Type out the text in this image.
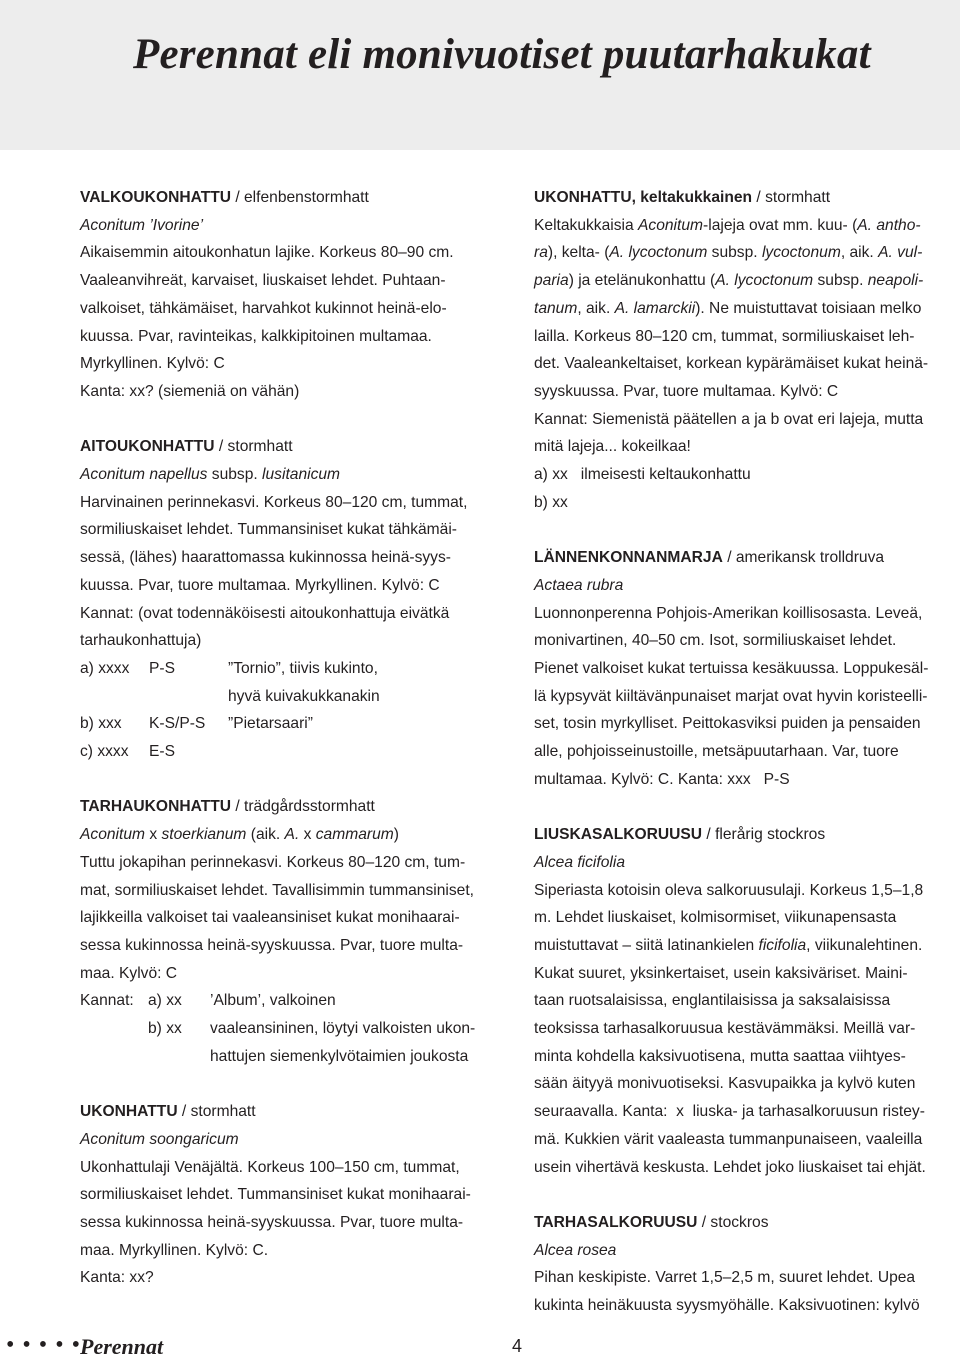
Perennat eli monivuotiset puutarhakukat
VALKOUKONHATTU / elfenbenstormhatt
Aconitum ’Ivorine’
Aikaisemmin aitoukonhatun lajike. Korkeus 80–90 cm.
Vaaleanvihreät, karvaiset, liuskaiset lehdet. Puhtaan-
valkoiset, tähkämäiset, harvahkot kukinnot heinä-elo-
kuussa. Pvar, ravinteikas, kalkkipitoinen multamaa.
Myrkyllinen. Kylvö: C
Kanta: xx? (siemeniä on vähän)
AITOUKONHATTU / stormhatt
Aconitum napellus subsp. lusitanicum
Harvinainen perinnekasvi. Korkeus 80–120 cm, tummat,
sormiliuskaiset lehdet. Tummansiniset kukat tähkämäi-
sessä, (lähes) haarattomassa kukinnossa heinä-syys-
kuussa. Pvar, tuore multamaa. Myrkyllinen. Kylvö: C
Kannat: (ovat todennäköisesti aitoukonhattuja eivätkä
tarhaukonhattuja)
a) xxxx	P-S	”Tornio”, tiivis kukinto,
hyvä kuivakukkanakin
b) xxx	K-S/P-S	”Pietarsaari”
c) xxxx	E-S
TARHAUKONHATTU / trädgårdsstormhatt
Aconitum x stoerkianum (aik. A. x cammarum)
Tuttu jokapihan perinnekasvi. Korkeus 80–120 cm, tum-
mat, sormiliuskaiset lehdet. Tavallisimmin tummansiniset,
lajikkeilla valkoiset tai vaaleansiniset kukat monihaarai-
sessa kukinnossa heinä-syyskuussa. Pvar, tuore multa-
maa. Kylvö: C
Kannat: a) xx	’Album’, valkoinen
b) xx	vaaleansininen, löytyi valkoisten ukon-
hattujen siemenkylvötaimien joukosta
UKONHATTU / stormhatt
Aconitum soongaricum
Ukonhattulaji Venäjältä. Korkeus 100–150 cm, tummat,
sormiliuskaiset lehdet. Tummansiniset kukat monihaarai-
sessa kukinnossa heinä-syyskuussa. Pvar, tuore multa-
maa. Myrkyllinen. Kylvö: C.
Kanta: xx?
UKONHATTU, keltakukkainen / stormhatt
Keltakukkaisia Aconitum-lajeja ovat mm. kuu- (A. antho-
ra), kelta- (A. lycoctonum subsp. lycoctonum, aik. A. vul-
paria) ja etelänukonhattu (A. lycoctonum subsp. neapoli-
tanum, aik. A. lamarckii). Ne muistuttavat toisiaan melko
lailla. Korkeus 80–120 cm, tummat, sormiliuskaiset leh-
det. Vaaleankeltaiset, korkean kypärämäiset kukat heinä-
syyskuussa. Pvar, tuore multamaa. Kylvö: C
Kannat: Siemenistä päätellen a ja b ovat eri lajeja, mutta
mitä lajeja... kokeilkaa!
a) xx   ilmeisesti keltaukonhattu
b) xx
LÄNNENKONNANMARJA / amerikansk trolldruva
Actaea rubra
Luonnonperenna Pohjois-Amerikan koillisosasta. Leveä,
monivartinen, 40–50 cm. Isot, sormiliuskaiset lehdet.
Pienet valkoiset kukat tertuissa kesäkuussa. Loppukesäl-
lä kypsyvät kiiltävänpunaiset marjat ovat hyvin koristeelli-
set, tosin myrkylliset. Peittokasviksi puiden ja pensaiden
alle, pohjoisseinustoille, metsäpuutarhaan. Var, tuore
multamaa. Kylvö: C. Kanta: xxx   P-S
LIUSKASALKORUUSU / flerårig stockros
Alcea ficifolia
Siperiasta kotoisin oleva salkoruusulaji. Korkeus 1,5–1,8
m. Lehdet liuskaiset, kolmisormiset, viikunapensasta
muistuttavat – siitä latinankielen ficifolia, viikunalehtinen.
Kukat suuret, yksinkertaiset, usein kaksiväriset. Maini-
taan ruotsalaisissa, englantilaisissa ja saksalaisissa
teoksissa tarhasalkoruusua kestävämmäksi. Meillä var-
minta kohdella kaksivuotisena, mutta saattaa viihtyes-
sään äityyä monivuotiseksi. Kasvupaikka ja kylvö kuten
seuraavalla. Kanta:  x  liuska- ja tarhasalkoruusun ristey-
mä. Kukkien värit vaaleasta tummanpunaiseen, vaaleilla
usein vihertävä keskusta. Lehdet joko liuskaiset tai ehjät.
TARHASALKORUUSU / stockros
Alcea rosea
Pihan keskipiste. Varret 1,5–2,5 m, suuret lehdet. Upea
kukinta heinäkuusta syysmyöhälle. Kaksivuotinen: kylvö
•••••
Perennat	4
